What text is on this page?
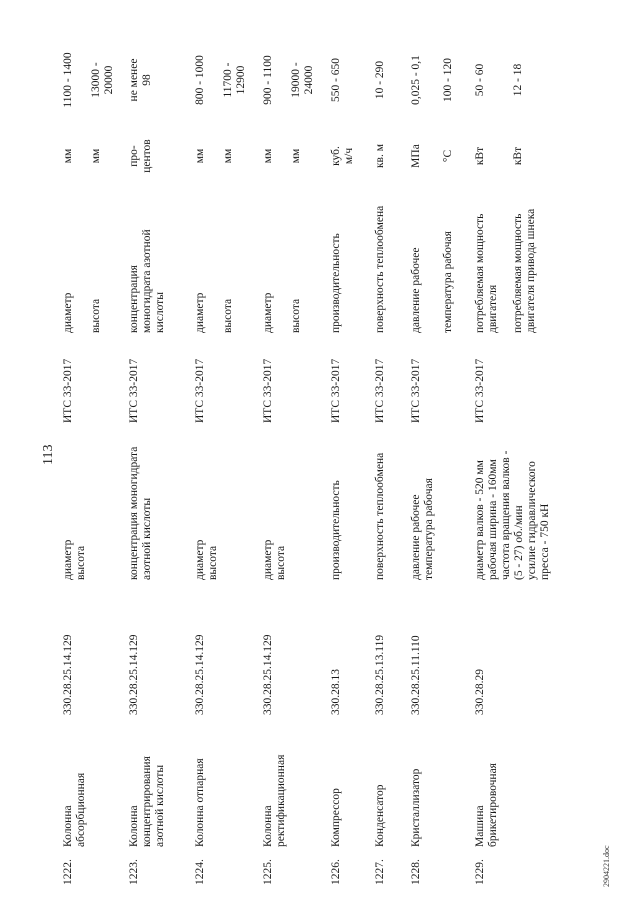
113
2904221.doc
1222.
Колонна абсорбционная
330.28.25.14.129
диаметр высота
ИТС 33-2017
диаметр
мм
1100 - 1400
высота
мм
13000 - 20000
1223.
Колонна концентрирования азотной кислоты
330.28.25.14.129
концентрация моногидрата азотной кислоты
ИТС 33-2017
концентрация моногидрата азотной кислоты
про- центов
не менее 98
1224.
Колонна отпарная
330.28.25.14.129
диаметр высота
ИТС 33-2017
диаметр
мм
800 - 1000
высота
мм
11700 - 12900
1225.
Колонна ректификационная
330.28.25.14.129
диаметр высота
ИТС 33-2017
диаметр
мм
900 - 1100
высота
мм
19000 - 24000
1226.
Компрессор
330.28.13
производительность
ИТС 33-2017
производительность
куб. м/ч
550 - 650
1227.
Конденсатор
330.28.25.13.119
поверхность теплообмена
ИТС 33-2017
поверхность теплообмена
кв. м
10 - 290
1228.
Кристаллизатор
330.28.25.11.110
давление рабочее температура рабочая
ИТС 33-2017
давление рабочее
МПа
0,025 - 0,1
температура рабочая
°С
100 - 120
1229.
Машина брикетировочная
330.28.29
диаметр валков - 520 мм рабочая ширина - 160мм частота вращения валков - (5 - 27) об./мин усилие гидравлического пресса - 750 кН
ИТС 33-2017
потребляемая мощность двигателя
кВт
50 - 60
потребляемая мощность двигателя привода шнека
кВт
12 - 18
